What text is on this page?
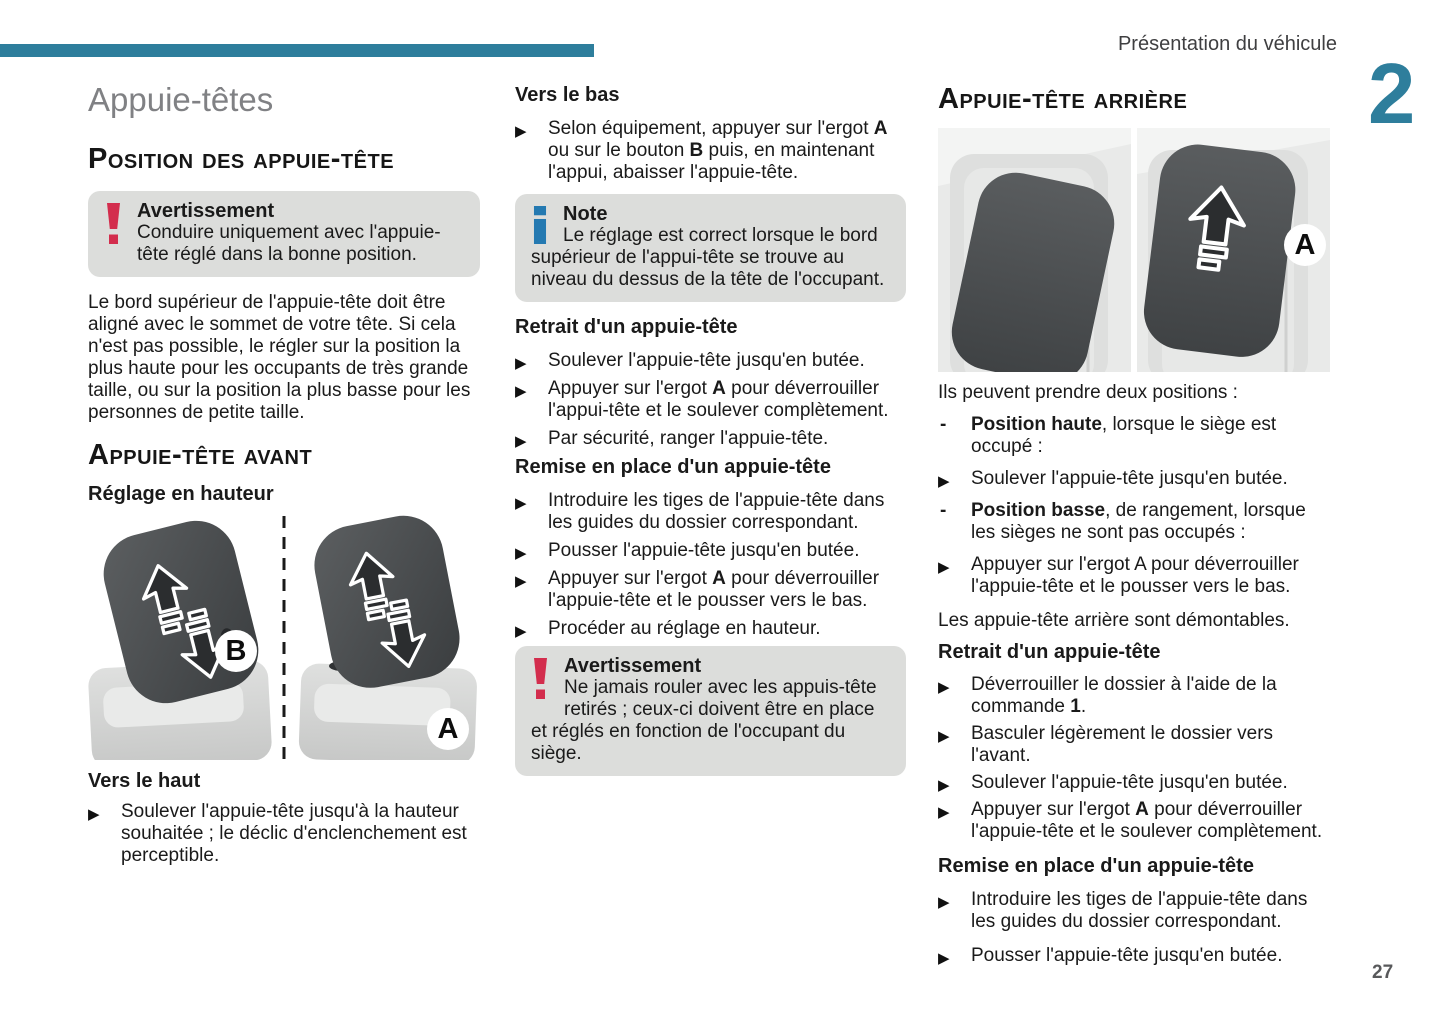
Présentation du véhicule
2
Appuie-têtes
Position des appuie-tête
Avertissement
Conduire uniquement avec l'appuie-tête réglé dans la bonne position.

Le bord supérieur de l'appuie-tête doit être aligné avec le sommet de votre tête. Si cela n'est pas possible, le régler sur la position la plus haute pour les occupants de très grande taille, ou sur la position la plus basse pour les personnes de petite taille.

Appuie-tête avant
Réglage en hauteur
B
A
Vers le haut
▶ Soulever l'appuie-tête jusqu'à la hauteur souhaitée ; le déclic d'enclenchement est perceptible.
Vers le bas
▶ Selon équipement, appuyer sur l'ergot A ou sur le bouton B puis, en maintenant l'appui, abaisser l'appuie-tête.
Note
Le réglage est correct lorsque le bord supérieur de l'appui-tête se trouve au niveau du dessus de la tête de l'occupant.
Retrait d'un appuie-tête
▶ Soulever l'appuie-tête jusqu'en butée.
▶ Appuyer sur l'ergot A pour déverrouiller l'appui-tête et le soulever complètement.
▶ Par sécurité, ranger l'appuie-tête.
Remise en place d'un appuie-tête
▶ Introduire les tiges de l'appuie-tête dans les guides du dossier correspondant.
▶ Pousser l'appuie-tête jusqu'en butée.
▶ Appuyer sur l'ergot A pour déverrouiller l'appuie-tête et le pousser vers le bas.
▶ Procéder au réglage en hauteur.
Avertissement
Ne jamais rouler avec les appuis-tête retirés ; ceux-ci doivent être en place et réglés en fonction de l'occupant du siège.
Appuie-tête arrière
A

Ils peuvent prendre deux positions :

- Position haute, lorsque le siège est occupé :
▶ Soulever l'appuie-tête jusqu'en butée.
- Position basse, de rangement, lorsque les sièges ne sont pas occupés :
▶ Appuyer sur l'ergot A pour déverrouiller l'appuie-tête et le pousser vers le bas.

Les appuie-tête arrière sont démontables.

Retrait d'un appuie-tête
▶ Déverrouiller le dossier à l'aide de la commande 1.
▶ Basculer légèrement le dossier vers l'avant.
▶ Soulever l'appuie-tête jusqu'en butée.
▶ Appuyer sur l'ergot A pour déverrouiller l'appuie-tête et le soulever complètement.
Remise en place d'un appuie-tête
▶ Introduire les tiges de l'appuie-tête dans les guides du dossier correspondant.
▶ Pousser l'appuie-tête jusqu'en butée.
27
